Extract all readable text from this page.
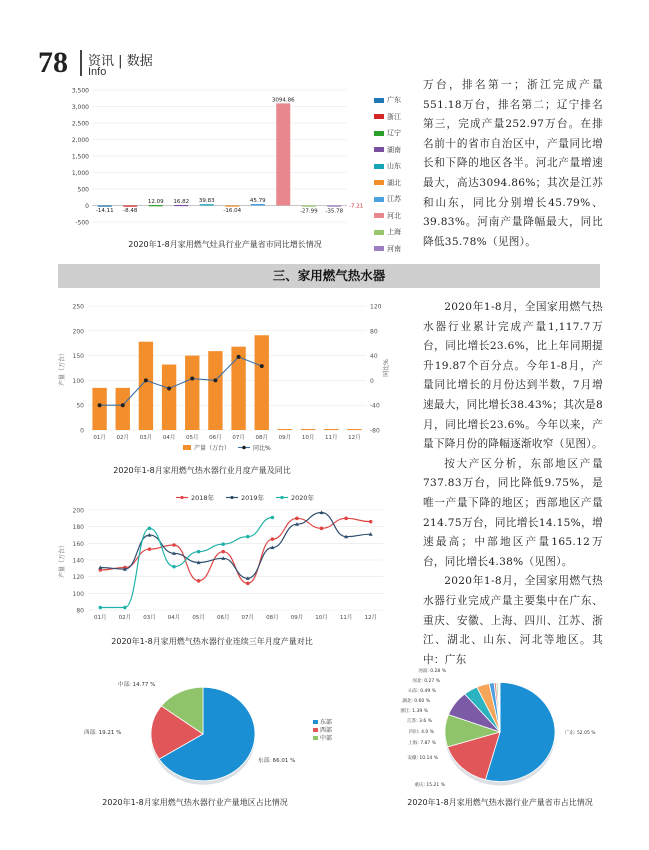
78 资讯 | 数据
Info
3,500
3,000
2,500
2,000
1,500
1,000
500
0
-500
-14.11 -8.48
12.09 16.82 39.83
-16.04
45.79
3094.86
-27.99 -35.78
-7.21
广东
浙江
辽宁
湖南
山东
湖北
江苏
河北
上海
河南
2020年1-8月家用燃气灶具行业产量省市同比增长情况

万台，排名第一；浙江完成产量551.18万台，排名第二；辽宁排名第三，完成产量252.97万台。在排名前十的省市自治区中，产量同比增长和下降的地区各半。河北产量增速最大，高达3094.86%；其次是江苏和山东，同比分别增长45.79%、39.83%。河南产量降幅最大，同比降低35.78%（见图）。

三、家用燃气热水器
250
200
150
100
50
0
120
80
40
0
-40
-80
产量（万台）	同比%
01月 02月 03月 04月 05月 06月 07月 08月 09月 10月 11月 12月
产量（万台）	同比%
2020年1-8月家用燃气热水器行业月度产量及同比
200
180
160
140
120
100
80
产量（万台）
01月 02月 03月 04月 05月 06月 07月 08月 09月 10月 11月 12月
2018年	2019年	2020年
2020年1-8月家用燃气热水器行业连续三年月度产量对比

2020年1-8月，全国家用燃气热水器行业累计完成产量1,117.7万台，同比增长23.6%，比上年同期提升19.87个百分点。今年1-8月，产量同比增长的月份达到半数，7月增速最大，同比增长38.43%；其次是8月，同比增长23.6%。今年以来，产量下降月份的降幅逐渐收窄（见图）。

按大产区分析，东部地区产量737.83万台，同比降低9.75%，是唯一产量下降的地区；西部地区产量214.75万台，同比增长14.15%，增速最高；中部地区产量165.12万台，同比增长4.38%（见图）。

2020年1-8月，全国家用燃气热水器行业完成产量主要集中在广东、重庆、安徽、上海、四川、江苏、浙江、湖北、山东、河北等地区。其中：广东

东部: 66.01 %
西部: 19.21 %
中部: 14.77 %
东部
西部
中部
2020年1-8月家用燃气热水器行业产量地区占比情况
广东: 52.05 %
重庆: 15.21 %
安徽: 10.14 %
上海: 7.87 %
四川: 4.0 %
江苏: 3.6 %
浙江: 1.39 %
湖北: 0.60 %
山东: 0.49 %
河北: 0.27 %
河南: 0.28 %
2020年1-8月家用燃气热水器行业产量省市占比情况
